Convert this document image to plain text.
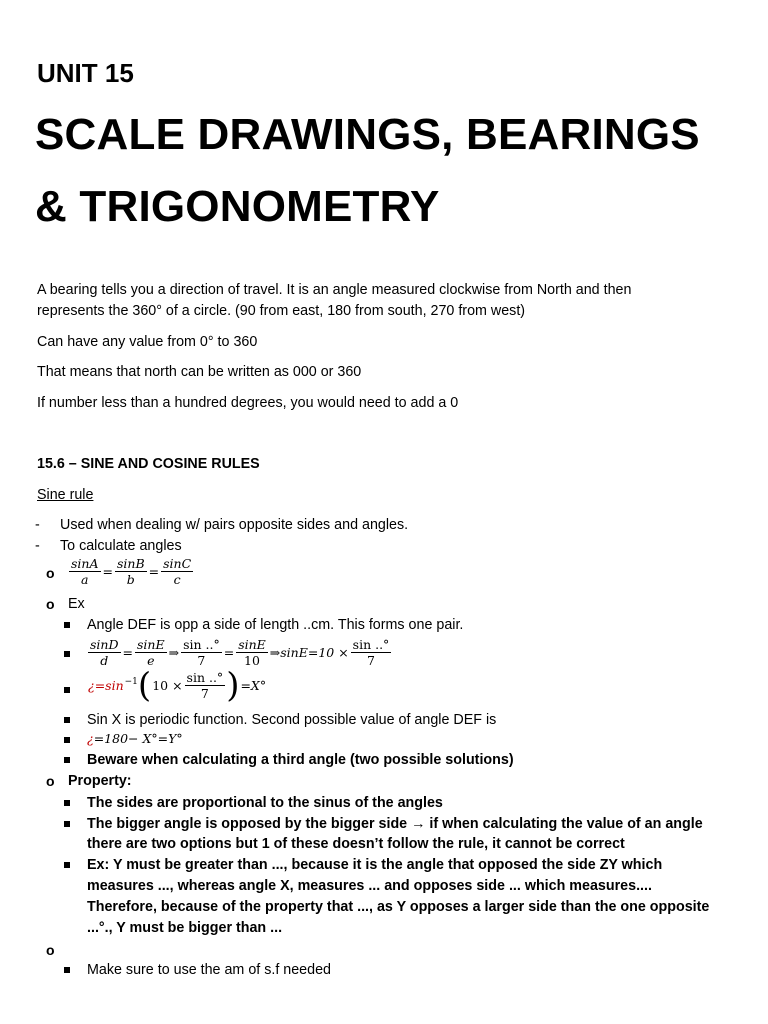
UNIT 15
SCALE DRAWINGS, BEARINGS
& TRIGONOMETRY
A bearing tells you a direction of travel. It is an angle measured clockwise from North and then
represents the 360° of a circle. (90 from east, 180 from south, 270 from west)
Can have any value from 0° to 360
That means that north can be written as 000 or 360
If number less than a hundred degrees, you would need to add a 0
15.6 – SINE AND COSINE RULES
Sine rule
- Used when dealing w/ pairs opposite sides and angles.
- To calculate angles
o $\frac{\sin A}{a} = \frac{\sin B}{b} = \frac{\sin C}{c}$
o Ex
Angle DEF is opp a side of length ..cm. This forms one pair.
$\frac{\sin D}{d} = \frac{\sin E}{e}$ ⇒ $\frac{\sin ..^\circ}{7} = \frac{\sin E}{10}$ ⇒sinE=10 × $\frac{\sin ..^\circ}{7}$
¿$=\sin^{-1}(10 \times \frac{\sin ..^\circ}{7} )=X^\circ$
Sin X is periodic function. Second possible value of angle DEF is
¿=180− X°=Y°
Beware when calculating a third angle (two possible solutions)
o Property:
The sides are proportional to the sinus of the angles
The bigger angle is opposed by the bigger side → if when calculating the value of an angle
there are two options but 1 of these doesn’t follow the rule, it cannot be correct
Ex: Y must be greater than ..., because it is the angle that opposed the side ZY which
measures ..., whereas angle X, measures ... and opposes side ... which measures....
Therefore, because of the property that ..., as Y opposes a larger side than the one opposite
...°., Y must be bigger than ...
o
Make sure to use the am of s.f needed
